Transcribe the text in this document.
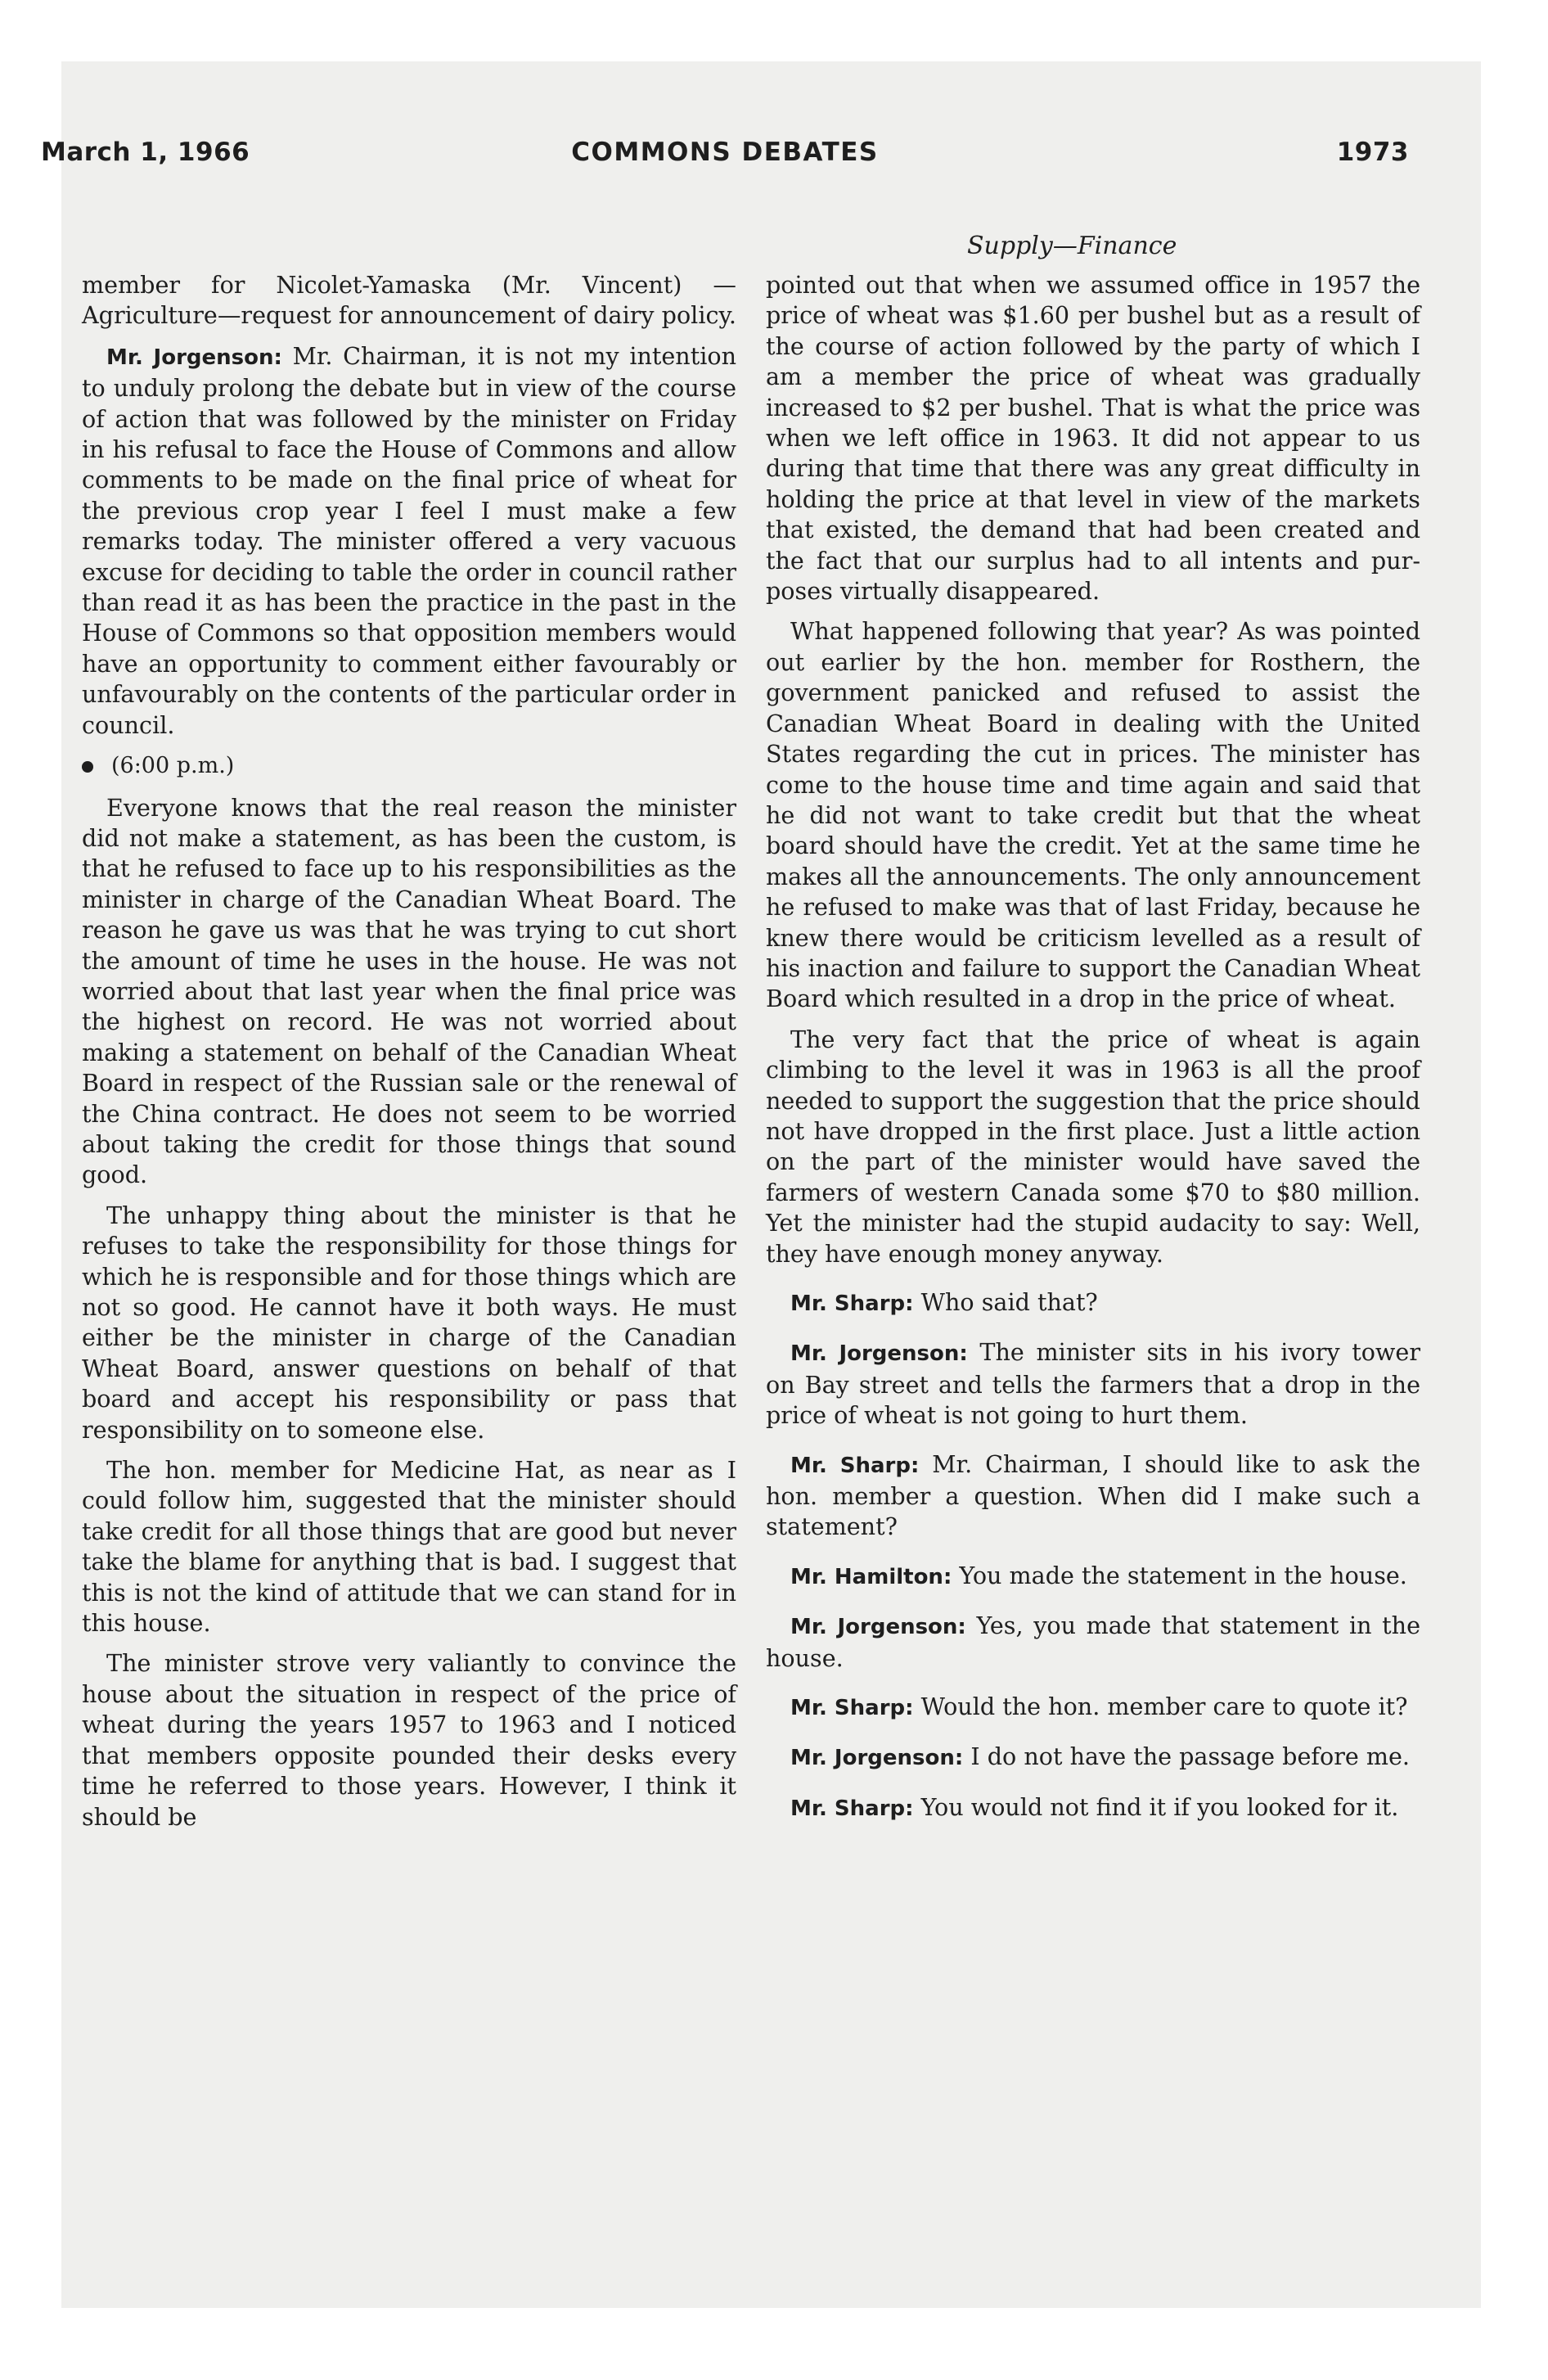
March 1, 1966	COMMONS DEBATES	1973
Supply—Finance

member for Nicolet-Yamaska (Mr. Vincent) —Agriculture—request for announcement of dairy policy.

Mr. Jorgenson: Mr. Chairman, it is not my intention to unduly prolong the debate but in view of the course of action that was followed by the minister on Friday in his refusal to face the House of Commons and allow comments to be made on the final price of wheat for the previous crop year I feel I must make a few remarks today. The minister offered a very vacuous excuse for deciding to table the order in council rather than read it as has been the practice in the past in the House of Commons so that opposition members would have an opportunity to comment either favourably or unfavourably on the contents of the particular order in council.

(6:00 p.m.)

Everyone knows that the real reason the minister did not make a statement, as has been the custom, is that he refused to face up to his responsibilities as the minister in charge of the Canadian Wheat Board. The reason he gave us was that he was trying to cut short the amount of time he uses in the house. He was not worried about that last year when the final price was the highest on record. He was not worried about making a statement on behalf of the Canadian Wheat Board in respect of the Russian sale or the renewal of the China contract. He does not seem to be worried about taking the credit for those things that sound good.

The unhappy thing about the minister is that he refuses to take the responsibility for those things for which he is responsible and for those things which are not so good. He cannot have it both ways. He must either be the minister in charge of the Canadian Wheat Board, answer questions on behalf of that board and accept his responsibility or pass that responsibility on to someone else.

The hon. member for Medicine Hat, as near as I could follow him, suggested that the minister should take credit for all those things that are good but never take the blame for anything that is bad. I suggest that this is not the kind of attitude that we can stand for in this house.

The minister strove very valiantly to convince the house about the situation in respect of the price of wheat during the years 1957 to 1963 and I noticed that members opposite pounded their desks every time he referred to those years. However, I think it should be

pointed out that when we assumed office in 1957 the price of wheat was $1.60 per bushel but as a result of the course of action followed by the party of which I am a member the price of wheat was gradually increased to $2 per bushel. That is what the price was when we left office in 1963. It did not appear to us during that time that there was any great difficulty in holding the price at that level in view of the markets that existed, the demand that had been created and the fact that our surplus had to all intents and purposes virtually disappeared.

What happened following that year? As was pointed out earlier by the hon. member for Rosthern, the government panicked and refused to assist the Canadian Wheat Board in dealing with the United States regarding the cut in prices. The minister has come to the house time and time again and said that he did not want to take credit but that the wheat board should have the credit. Yet at the same time he makes all the announcements. The only announcement he refused to make was that of last Friday, because he knew there would be criticism levelled as a result of his inaction and failure to support the Canadian Wheat Board which resulted in a drop in the price of wheat.

The very fact that the price of wheat is again climbing to the level it was in 1963 is all the proof needed to support the suggestion that the price should not have dropped in the first place. Just a little action on the part of the minister would have saved the farmers of western Canada some $70 to $80 million. Yet the minister had the stupid audacity to say: Well, they have enough money anyway.

Mr. Sharp: Who said that?

Mr. Jorgenson: The minister sits in his ivory tower on Bay street and tells the farmers that a drop in the price of wheat is not going to hurt them.

Mr. Sharp: Mr. Chairman, I should like to ask the hon. member a question. When did I make such a statement?

Mr. Hamilton: You made the statement in the house.

Mr. Jorgenson: Yes, you made that statement in the house.

Mr. Sharp: Would the hon. member care to quote it?

Mr. Jorgenson: I do not have the passage before me.

Mr. Sharp: You would not find it if you looked for it.
